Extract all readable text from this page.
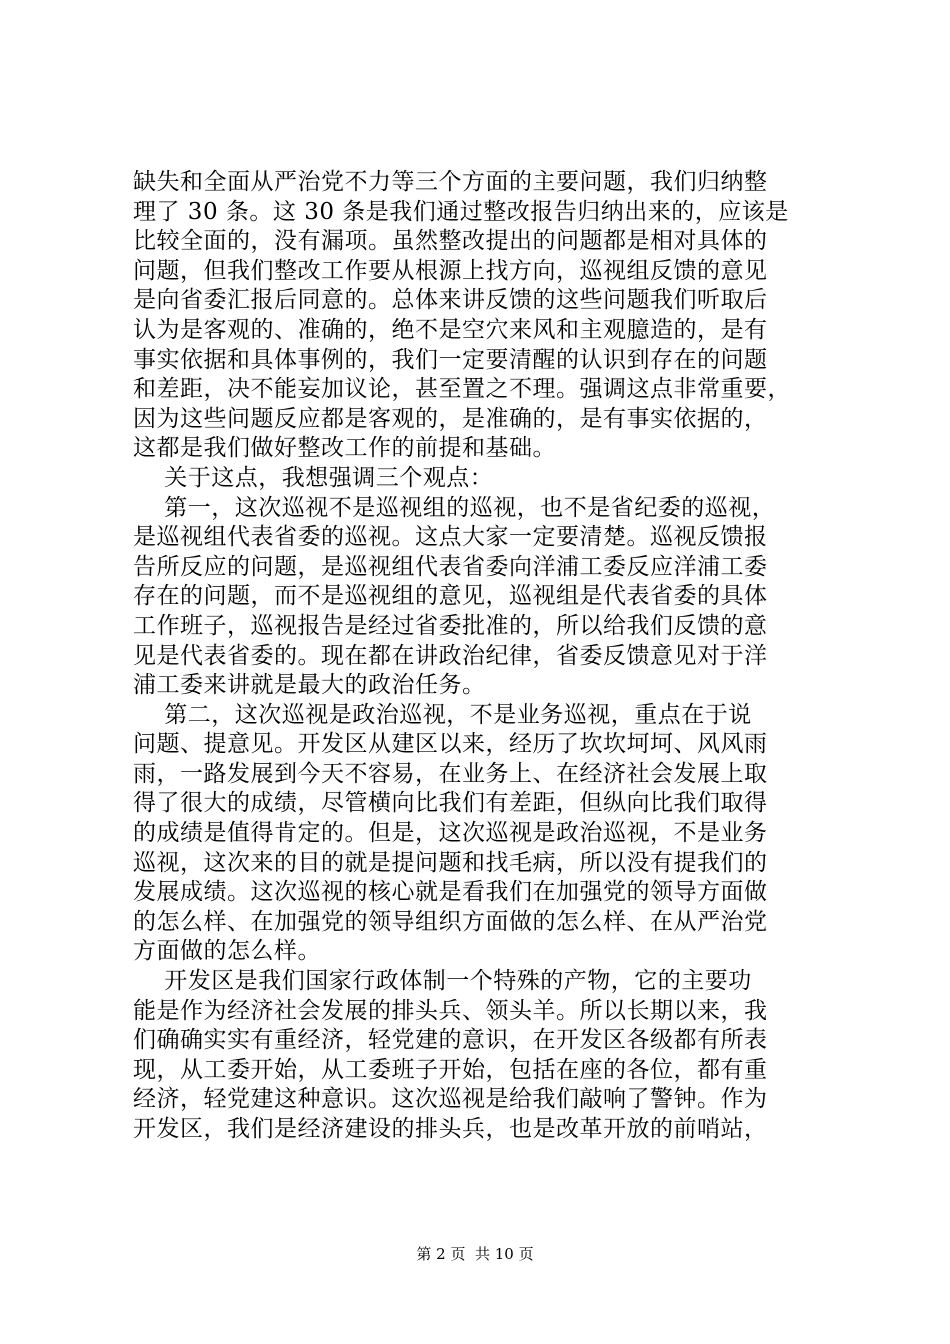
缺失和全面从严治党不力等三个方面的主要问题，我们归纳整
理了 30 条。这 30 条是我们通过整改报告归纳出来的，应该是
比较全面的，没有漏项。虽然整改提出的问题都是相对具体的
问题，但我们整改工作要从根源上找方向，巡视组反馈的意见
是向省委汇报后同意的。总体来讲反馈的这些问题我们听取后
认为是客观的、准确的，绝不是空穴来风和主观臆造的，是有
事实依据和具体事例的，我们一定要清醒的认识到存在的问题
和差距，决不能妄加议论，甚至置之不理。强调这点非常重要，
因为这些问题反应都是客观的，是准确的，是有事实依据的，
这都是我们做好整改工作的前提和基础。
关于这点，我想强调三个观点：
第一，这次巡视不是巡视组的巡视，也不是省纪委的巡视，
是巡视组代表省委的巡视。这点大家一定要清楚。巡视反馈报
告所反应的问题，是巡视组代表省委向洋浦工委反应洋浦工委
存在的问题，而不是巡视组的意见，巡视组是代表省委的具体
工作班子，巡视报告是经过省委批准的，所以给我们反馈的意
见是代表省委的。现在都在讲政治纪律，省委反馈意见对于洋
浦工委来讲就是最大的政治任务。
第二，这次巡视是政治巡视，不是业务巡视，重点在于说
问题、提意见。开发区从建区以来，经历了坎坎坷坷、风风雨
雨，一路发展到今天不容易，在业务上、在经济社会发展上取
得了很大的成绩，尽管横向比我们有差距，但纵向比我们取得
的成绩是值得肯定的。但是，这次巡视是政治巡视，不是业务
巡视，这次来的目的就是提问题和找毛病，所以没有提我们的
发展成绩。这次巡视的核心就是看我们在加强党的领导方面做
的怎么样、在加强党的领导组织方面做的怎么样、在从严治党
方面做的怎么样。
开发区是我们国家行政体制一个特殊的产物，它的主要功
能是作为经济社会发展的排头兵、领头羊。所以长期以来，我
们确确实实有重经济，轻党建的意识，在开发区各级都有所表
现，从工委开始，从工委班子开始，包括在座的各位，都有重
经济，轻党建这种意识。这次巡视是给我们敲响了警钟。作为
开发区，我们是经济建设的排头兵，也是改革开放的前哨站，
第 2 页  共 10 页
